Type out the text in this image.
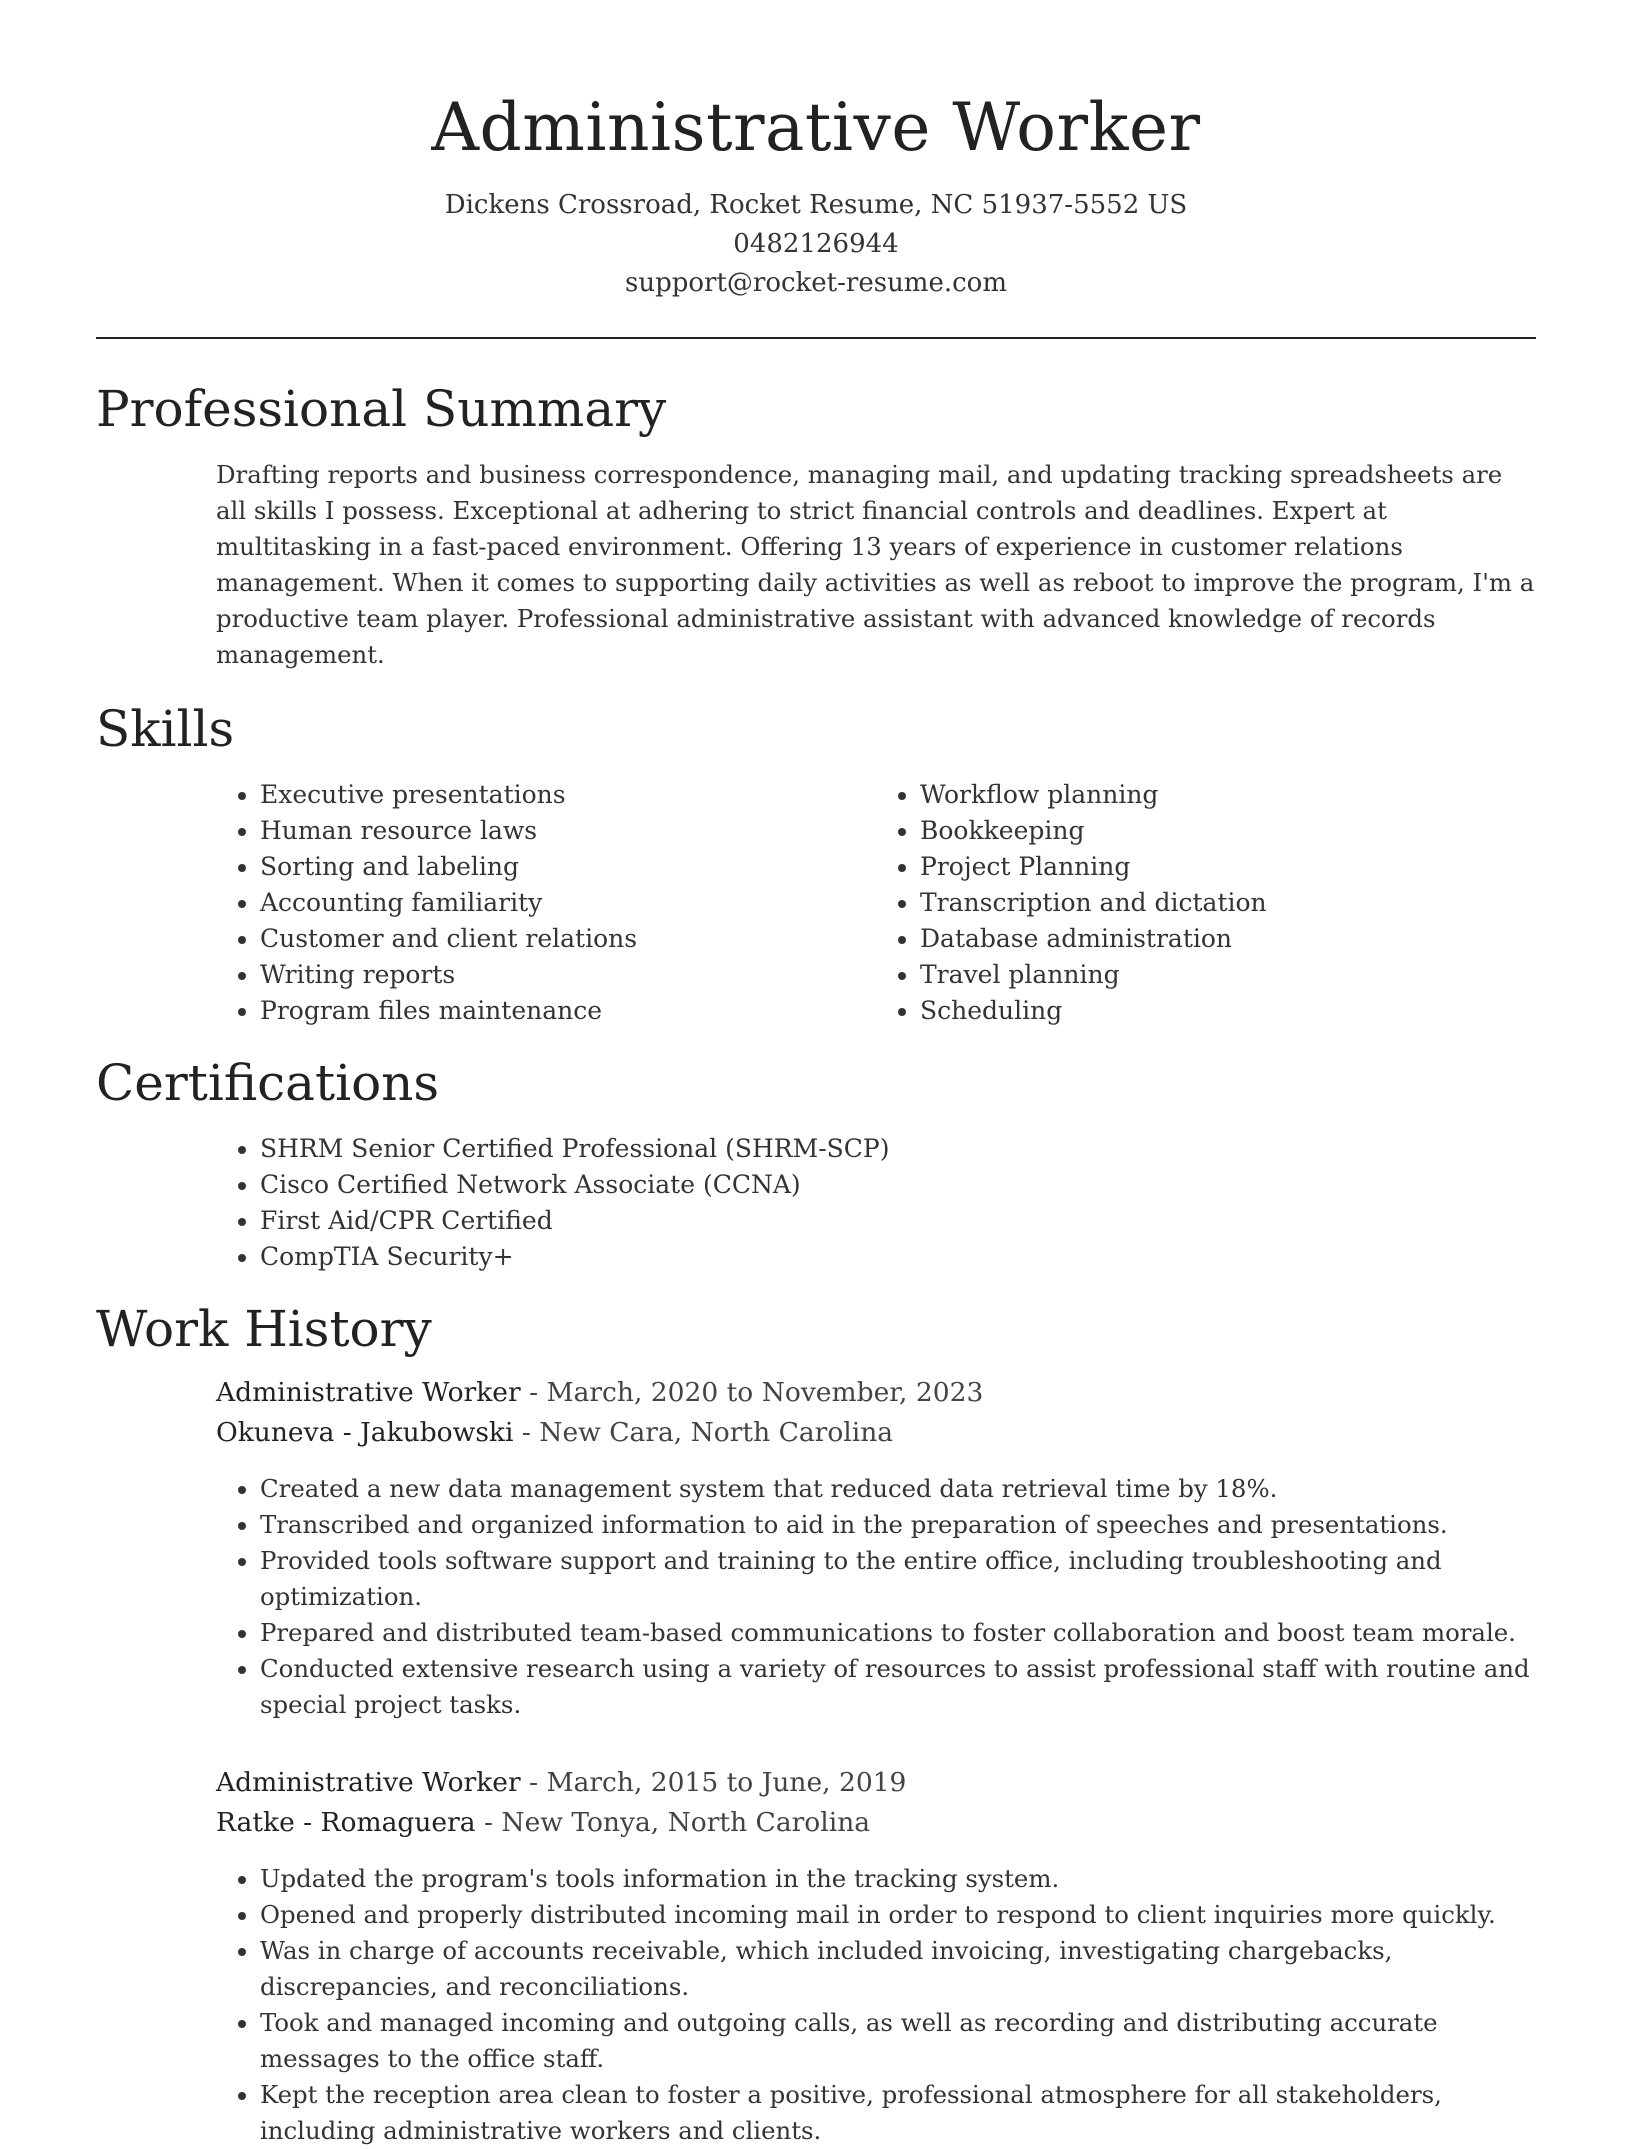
Administrative Worker
Dickens Crossroad, Rocket Resume, NC 51937-5552 US
0482126944
support@rocket-resume.com
Professional Summary
Drafting reports and business correspondence, managing mail, and updating tracking spreadsheets are all skills I possess. Exceptional at adhering to strict financial controls and deadlines. Expert at multitasking in a fast-paced environment. Offering 13 years of experience in customer relations management. When it comes to supporting daily activities as well as reboot to improve the program, I'm a productive team player. Professional administrative assistant with advanced knowledge of records management.
Skills
• Executive presentations
• Human resource laws
• Sorting and labeling
• Accounting familiarity
• Customer and client relations
• Writing reports
• Program files maintenance
• Workflow planning
• Bookkeeping
• Project Planning
• Transcription and dictation
• Database administration
• Travel planning
• Scheduling
Certifications
• SHRM Senior Certified Professional (SHRM-SCP)
• Cisco Certified Network Associate (CCNA)
• First Aid/CPR Certified
• CompTIA Security+
Work History
Administrative Worker - March, 2020 to November, 2023
Okuneva - Jakubowski - New Cara, North Carolina
• Created a new data management system that reduced data retrieval time by 18%.
• Transcribed and organized information to aid in the preparation of speeches and presentations.
• Provided tools software support and training to the entire office, including troubleshooting and optimization.
• Prepared and distributed team-based communications to foster collaboration and boost team morale.
• Conducted extensive research using a variety of resources to assist professional staff with routine and special project tasks.
Administrative Worker - March, 2015 to June, 2019
Ratke - Romaguera - New Tonya, North Carolina
• Updated the program's tools information in the tracking system.
• Opened and properly distributed incoming mail in order to respond to client inquiries more quickly.
• Was in charge of accounts receivable, which included invoicing, investigating chargebacks, discrepancies, and reconciliations.
• Took and managed incoming and outgoing calls, as well as recording and distributing accurate messages to the office staff.
• Kept the reception area clean to foster a positive, professional atmosphere for all stakeholders, including administrative workers and clients.
